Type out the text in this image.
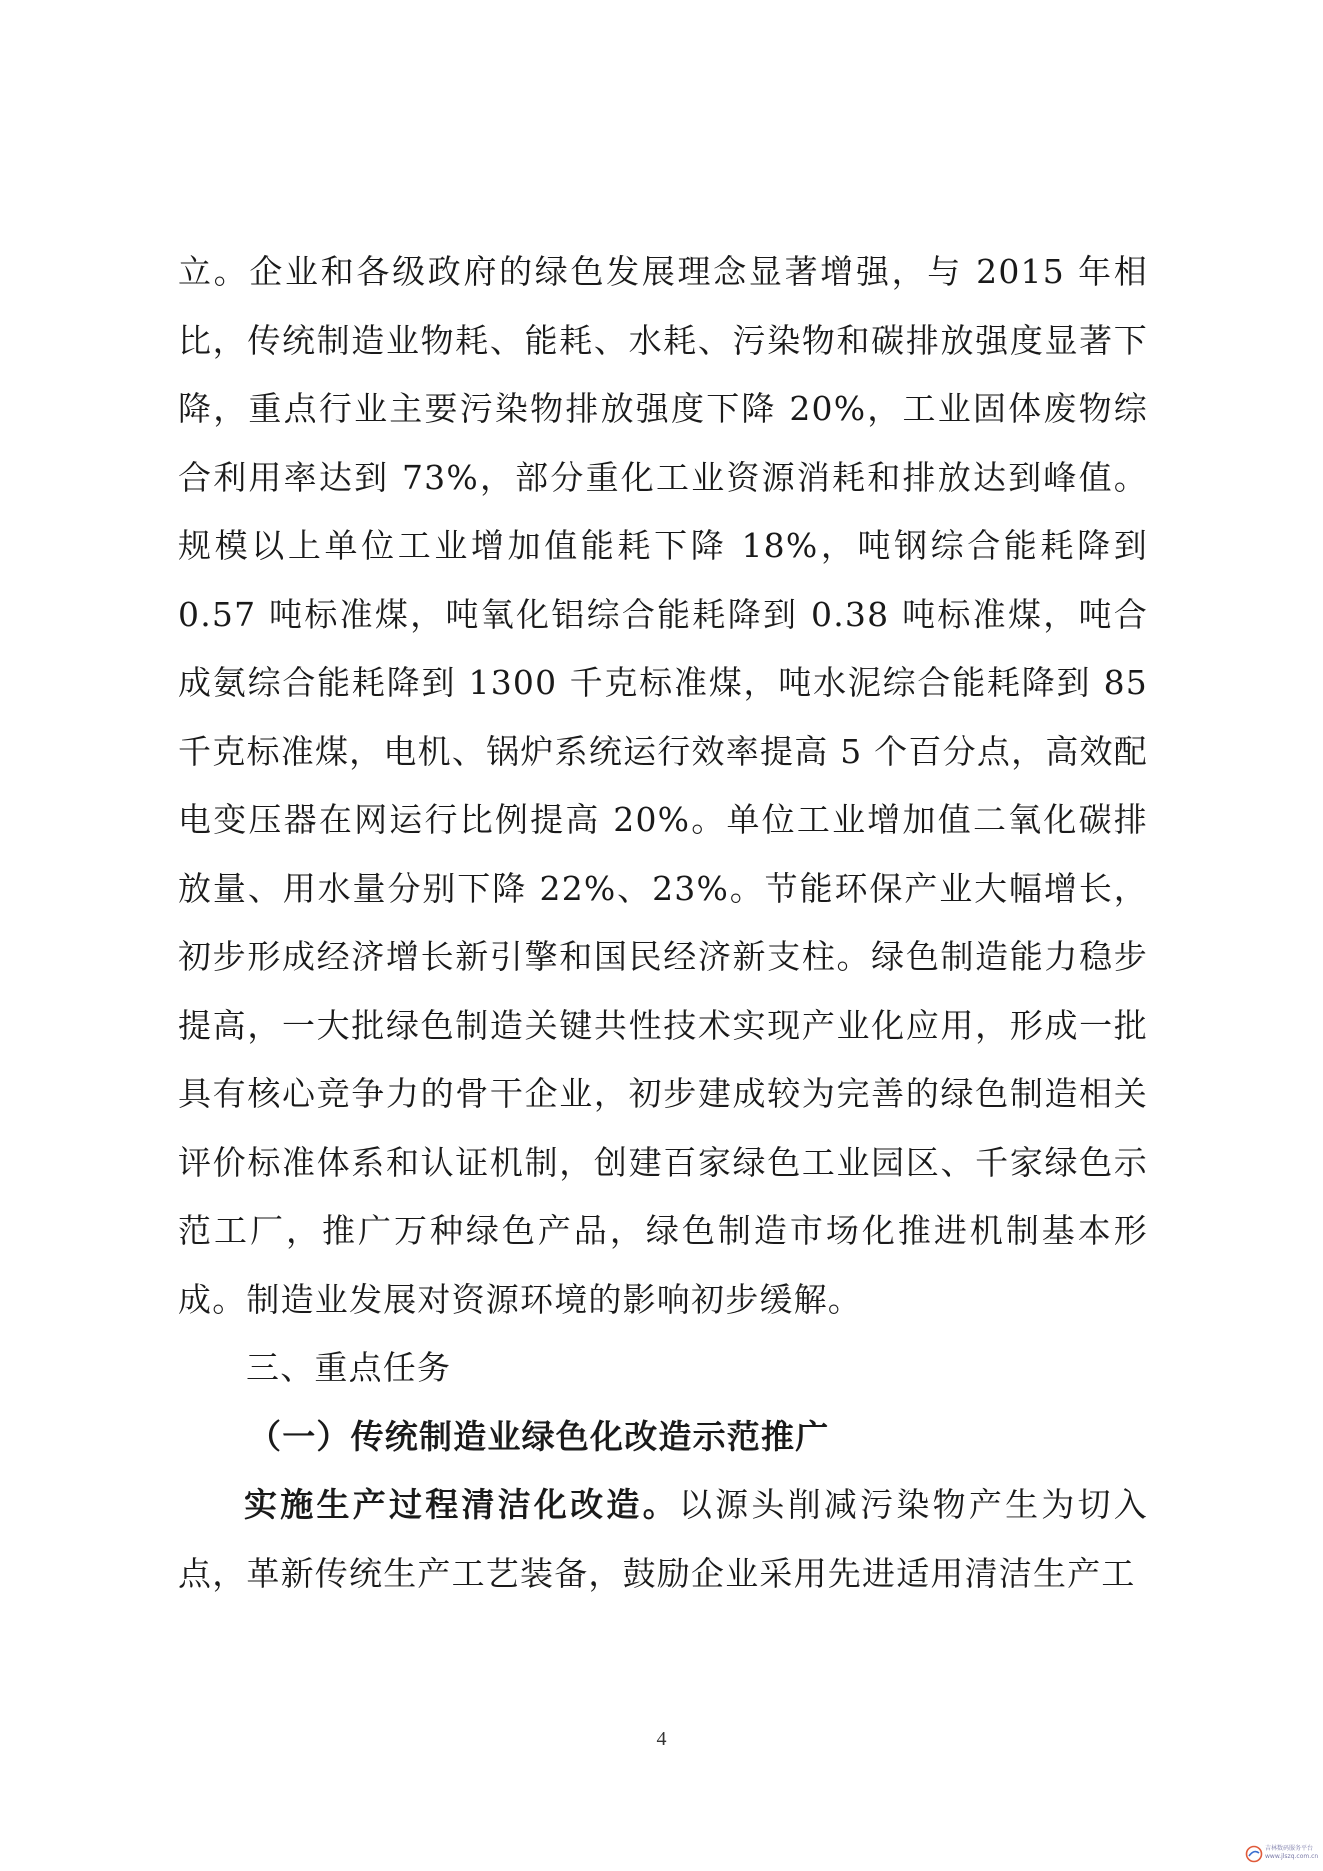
立。企业和各级政府的绿色发展理念显著增强，与 2015 年相比，传统制造业物耗、能耗、水耗、污染物和碳排放强度显著下降，重点行业主要污染物排放强度下降 20%，工业固体废物综合利用率达到 73%，部分重化工业资源消耗和排放达到峰值。规模以上单位工业增加值能耗下降 18%，吨钢综合能耗降到 0.57 吨标准煤，吨氧化铝综合能耗降到 0.38 吨标准煤，吨合成氨综合能耗降到 1300 千克标准煤，吨水泥综合能耗降到 85 千克标准煤，电机、锅炉系统运行效率提高 5 个百分点，高效配电变压器在网运行比例提高 20%。单位工业增加值二氧化碳排放量、用水量分别下降 22%、23%。节能环保产业大幅增长，初步形成经济增长新引擎和国民经济新支柱。绿色制造能力稳步提高，一大批绿色制造关键共性技术实现产业化应用，形成一批具有核心竞争力的骨干企业，初步建成较为完善的绿色制造相关评价标准体系和认证机制，创建百家绿色工业园区、千家绿色示范工厂，推广万种绿色产品，绿色制造市场化推进机制基本形成。制造业发展对资源环境的影响初步缓解。

三、重点任务
（一）传统制造业绿色化改造示范推广

实施生产过程清洁化改造。以源头削减污染物产生为切入点，革新传统生产工艺装备，鼓励企业采用先进适用清洁生产工

4
吉林数码服务平台
www.jlszq.com.cn
